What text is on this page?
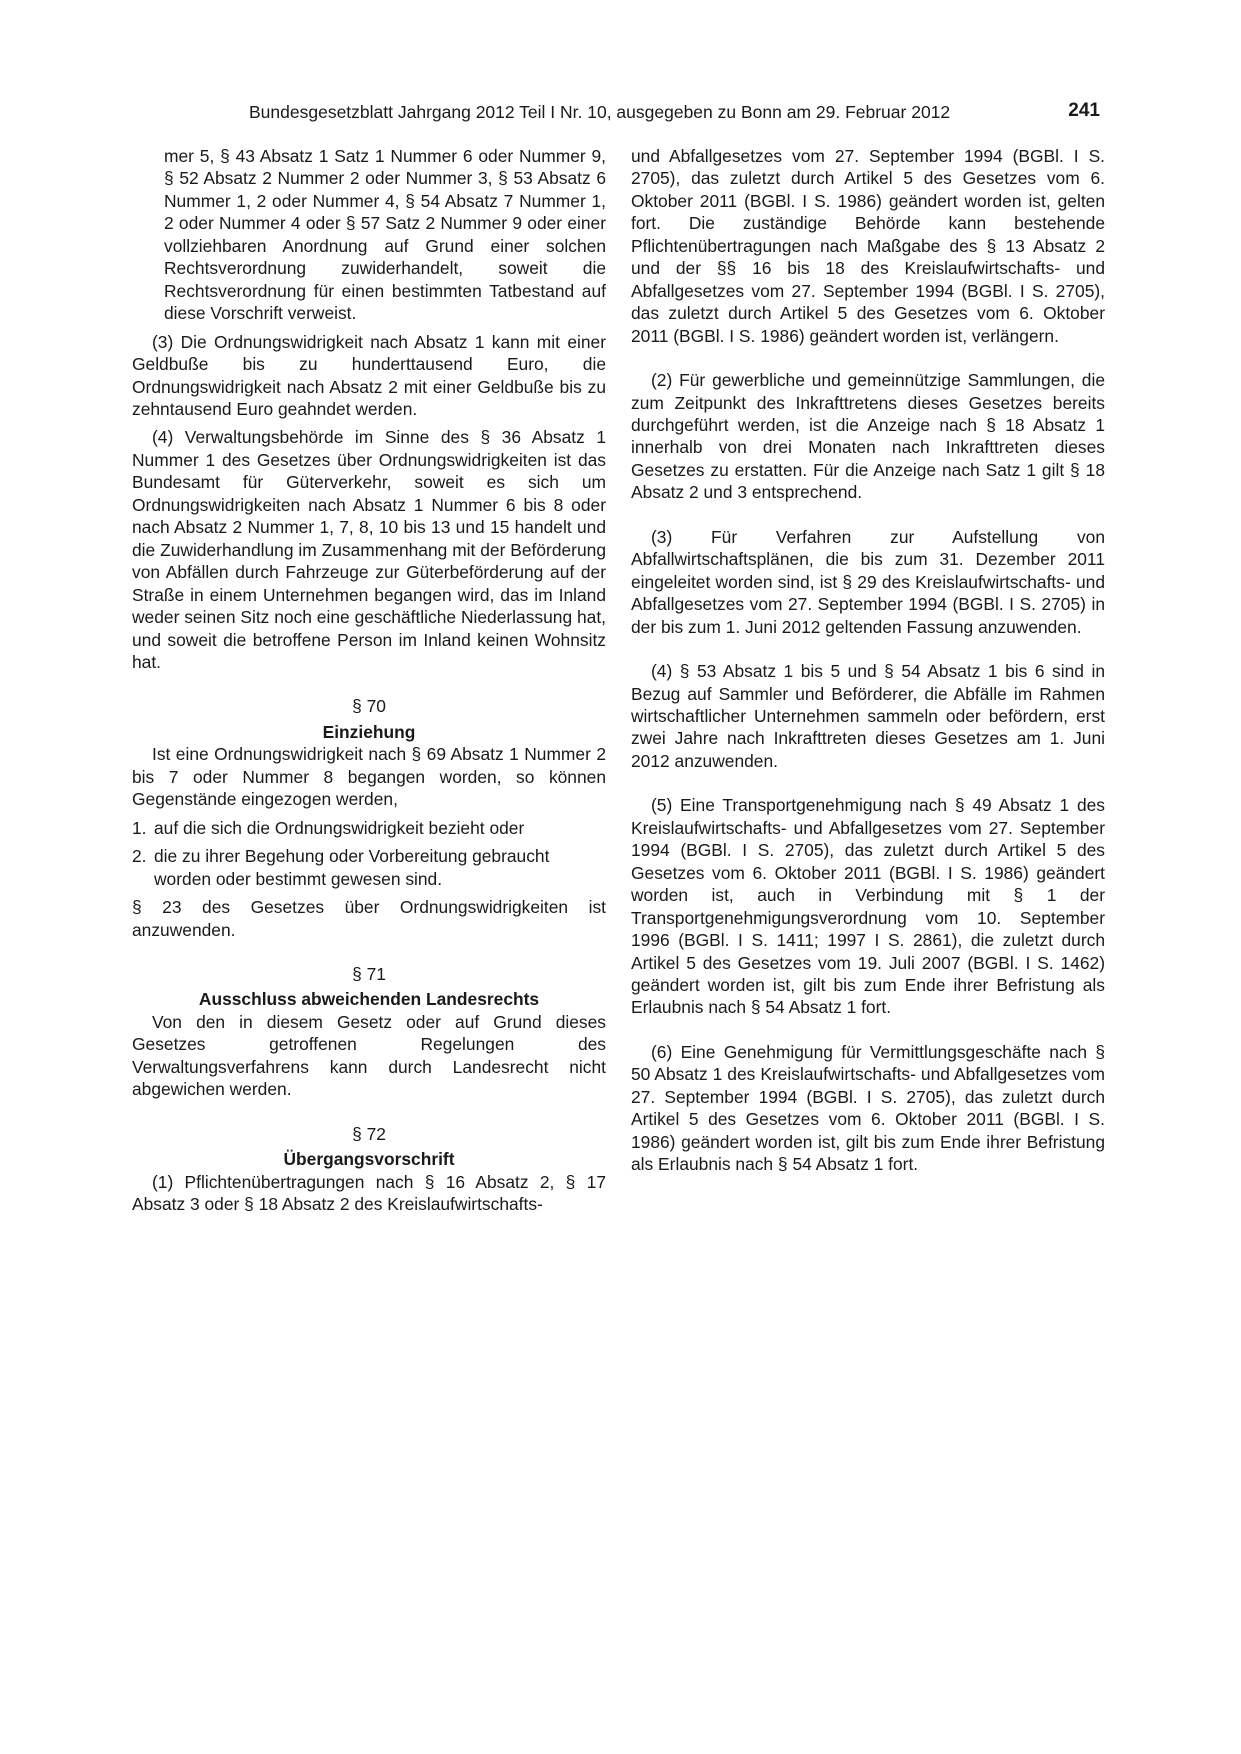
Bundesgesetzblatt Jahrgang 2012 Teil I Nr. 10, ausgegeben zu Bonn am 29. Februar 2012	241

mer 5, § 43 Absatz 1 Satz 1 Nummer 6 oder Nummer 9, § 52 Absatz 2 Nummer 2 oder Nummer 3, § 53 Absatz 6 Nummer 1, 2 oder Nummer 4, § 54 Absatz 7 Nummer 1, 2 oder Nummer 4 oder § 57 Satz 2 Nummer 9 oder einer vollziehbaren Anordnung auf Grund einer solchen Rechtsverordnung zuwiderhandelt, soweit die Rechtsverordnung für einen bestimmten Tatbestand auf diese Vorschrift verweist.

(3) Die Ordnungswidrigkeit nach Absatz 1 kann mit einer Geldbuße bis zu hunderttausend Euro, die Ordnungswidrigkeit nach Absatz 2 mit einer Geldbuße bis zu zehntausend Euro geahndet werden.

(4) Verwaltungsbehörde im Sinne des § 36 Absatz 1 Nummer 1 des Gesetzes über Ordnungswidrigkeiten ist das Bundesamt für Güterverkehr, soweit es sich um Ordnungswidrigkeiten nach Absatz 1 Nummer 6 bis 8 oder nach Absatz 2 Nummer 1, 7, 8, 10 bis 13 und 15 handelt und die Zuwiderhandlung im Zusammenhang mit der Beförderung von Abfällen durch Fahrzeuge zur Güterbeförderung auf der Straße in einem Unternehmen begangen wird, das im Inland weder seinen Sitz noch eine geschäftliche Niederlassung hat, und soweit die betroffene Person im Inland keinen Wohnsitz hat.

§ 70
Einziehung

Ist eine Ordnungswidrigkeit nach § 69 Absatz 1 Nummer 2 bis 7 oder Nummer 8 begangen worden, so können Gegenstände eingezogen werden,

1. auf die sich die Ordnungswidrigkeit bezieht oder
2. die zu ihrer Begehung oder Vorbereitung gebraucht worden oder bestimmt gewesen sind.

§ 23 des Gesetzes über Ordnungswidrigkeiten ist anzuwenden.

§ 71
Ausschluss abweichenden Landesrechts

Von den in diesem Gesetz oder auf Grund dieses Gesetzes getroffenen Regelungen des Verwaltungsverfahrens kann durch Landesrecht nicht abgewichen werden.

§ 72
Übergangsvorschrift

(1) Pflichtenübertragungen nach § 16 Absatz 2, § 17 Absatz 3 oder § 18 Absatz 2 des Kreislaufwirtschafts-

und Abfallgesetzes vom 27. September 1994 (BGBl. I S. 2705), das zuletzt durch Artikel 5 des Gesetzes vom 6. Oktober 2011 (BGBl. I S. 1986) geändert worden ist, gelten fort. Die zuständige Behörde kann bestehende Pflichtenübertragungen nach Maßgabe des § 13 Absatz 2 und der §§ 16 bis 18 des Kreislaufwirtschafts- und Abfallgesetzes vom 27. September 1994 (BGBl. I S. 2705), das zuletzt durch Artikel 5 des Gesetzes vom 6. Oktober 2011 (BGBl. I S. 1986) geändert worden ist, verlängern.

(2) Für gewerbliche und gemeinnützige Sammlungen, die zum Zeitpunkt des Inkrafttretens dieses Gesetzes bereits durchgeführt werden, ist die Anzeige nach § 18 Absatz 1 innerhalb von drei Monaten nach Inkrafttreten dieses Gesetzes zu erstatten. Für die Anzeige nach Satz 1 gilt § 18 Absatz 2 und 3 entsprechend.

(3) Für Verfahren zur Aufstellung von Abfallwirtschaftsplänen, die bis zum 31. Dezember 2011 eingeleitet worden sind, ist § 29 des Kreislaufwirtschafts- und Abfallgesetzes vom 27. September 1994 (BGBl. I S. 2705) in der bis zum 1. Juni 2012 geltenden Fassung anzuwenden.

(4) § 53 Absatz 1 bis 5 und § 54 Absatz 1 bis 6 sind in Bezug auf Sammler und Beförderer, die Abfälle im Rahmen wirtschaftlicher Unternehmen sammeln oder befördern, erst zwei Jahre nach Inkrafttreten dieses Gesetzes am 1. Juni 2012 anzuwenden.

(5) Eine Transportgenehmigung nach § 49 Absatz 1 des Kreislaufwirtschafts- und Abfallgesetzes vom 27. September 1994 (BGBl. I S. 2705), das zuletzt durch Artikel 5 des Gesetzes vom 6. Oktober 2011 (BGBl. I S. 1986) geändert worden ist, auch in Verbindung mit § 1 der Transportgenehmigungsverordnung vom 10. September 1996 (BGBl. I S. 1411; 1997 I S. 2861), die zuletzt durch Artikel 5 des Gesetzes vom 19. Juli 2007 (BGBl. I S. 1462) geändert worden ist, gilt bis zum Ende ihrer Befristung als Erlaubnis nach § 54 Absatz 1 fort.

(6) Eine Genehmigung für Vermittlungsgeschäfte nach § 50 Absatz 1 des Kreislaufwirtschafts- und Abfallgesetzes vom 27. September 1994 (BGBl. I S. 2705), das zuletzt durch Artikel 5 des Gesetzes vom 6. Oktober 2011 (BGBl. I S. 1986) geändert worden ist, gilt bis zum Ende ihrer Befristung als Erlaubnis nach § 54 Absatz 1 fort.
